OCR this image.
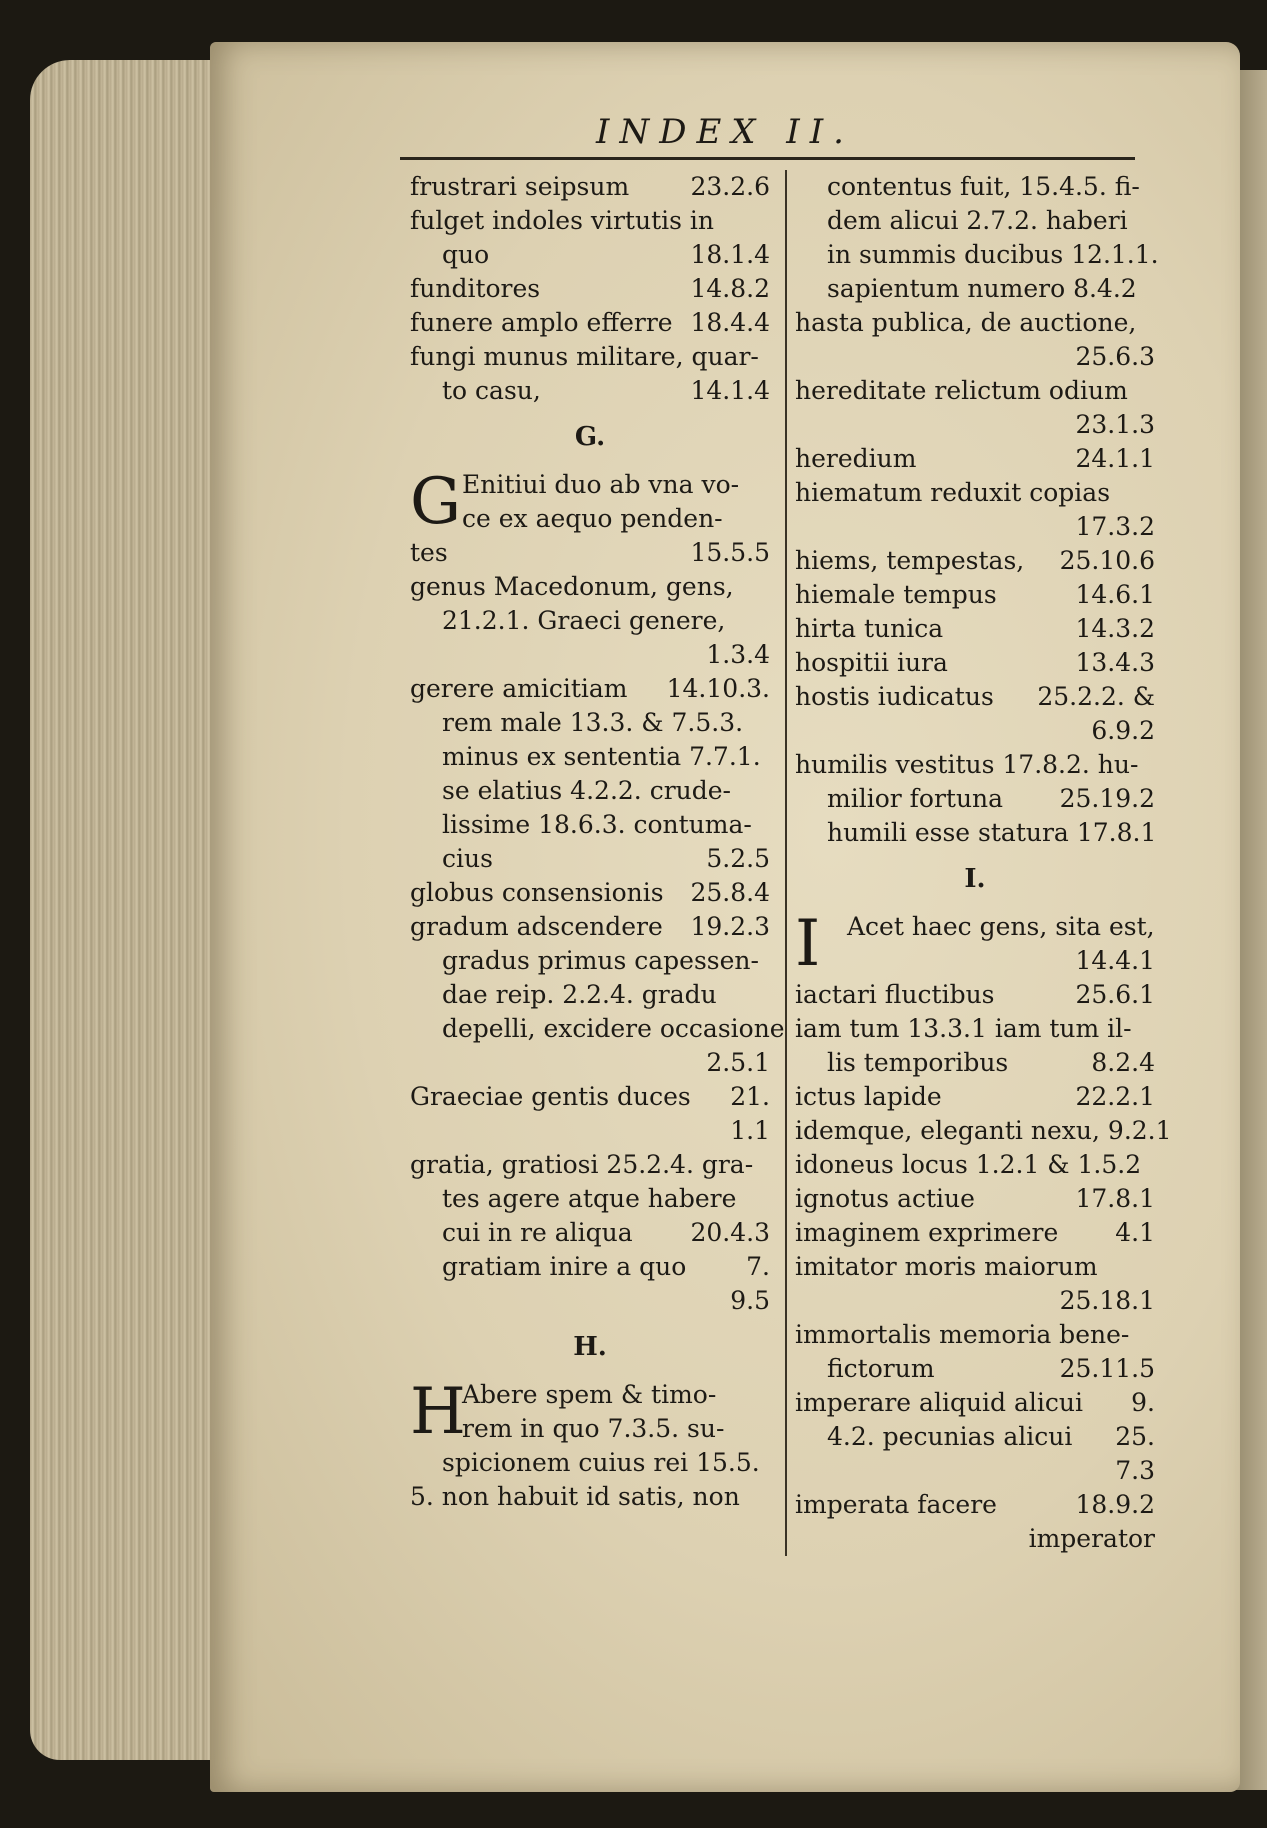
INDEX II.
frustrari seipsum 23.2.6
fulget indoles virtutis in
quo	18.1.4
funditores	14.8.2
funere amplo efferre 18.4.4
fungi munus militare, quar-
to casu,	14.1.4
G.
G Enitiui duo ab vna vo-
ce ex aequo penden-
tes	15.5.5
genus Macedonum, gens,
21.2.1. Graeci genere,
1.3.4
gerere amicitiam 14.10.3.
rem male 13.3. & 7.5.3.
minus ex sententia 7.7.1.
se elatius 4.2.2. crude-
lissime 18.6.3. contuma-
cius	5.2.5
globus consensionis 25.8.4
gradum adscendere 19.2.3
gradus primus capessen-
dae reip. 2.2.4. gradu
depelli, excidere occasione
2.5.1
Graeciae gentis duces 21.
1.1
gratia, gratiosi 25.2.4. gra-
tes agere atque habere
cui in re aliqua 20.4.3
gratiam inire a quo 7.
9.5
H.
H
Abere spem & timo-
rem in quo 7.3.5. su-
spicionem cuius rei 15.5.
5. non habuit id satis, non
contentus fuit, 15.4.5. fi-
dem alicui 2.7.2. haberi
in summis ducibus 12.1.1.
sapientum numero 8.4.2
hasta publica, de auctione,
25.6.3
hereditate relictum odium
23.1.3
heredium	24.1.1
hiematum reduxit copias
17.3.2
hiems, tempestas, 25.10.6
hiemale tempus	14.6.1
hirta tunica	14.3.2
hospitii iura	13.4.3
hostis iudicatus 25.2.2. &
6.9.2
humilis vestitus 17.8.2. hu-
milior fortuna 25.19.2
humili esse statura 17.8.1
I.
I Acet haec gens, sita est,
14.4.1
iactari fluctibus	25.6.1
iam tum 13.3.1 iam tum il-
lis temporibus	8.2.4
ictus lapide	22.2.1
idemque, eleganti nexu, 9.2.1
idoneus locus 1.2.1 & 1.5.2
ignotus actiue	17.8.1
imaginem exprimere 4.1
imitator moris maiorum
25.18.1
immortalis memoria bene-
fictorum	25.11.5
imperare aliquid alicui 9.
4.2. pecunias alicui 25.
7.3
imperata facere	18.9.2
imperator
